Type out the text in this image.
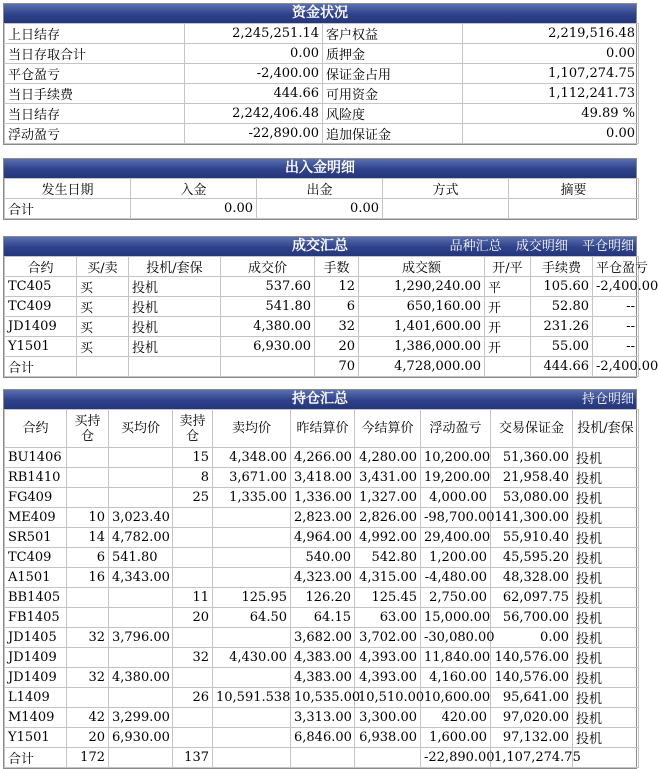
资金状况
上日结存	2,245,251.14	客户权益	2,219,516.48
当日存取合计	0.00	质押金	0.00
平仓盈亏	-2,400.00	保证金占用	1,107,274.75
当日手续费	444.66	可用资金	1,112,241.73
当日结存	2,242,406.48	风险度	49.89 %
浮动盈亏	-22,890.00	追加保证金	0.00
出入金明细
发生日期	入金	出金	方式	摘要
合计	0.00	0.00		
成交汇总	品种汇总 成交明细 平仓明细
合约	买/卖	投机/套保	成交价	手数	成交额	开/平	手续费	平仓盈亏
TC405	买	投机	537.60	12	1,290,240.00	平	105.60	-2,400.00
TC409	买	投机	541.80	6	650,160.00	开	52.80	--
JD1409	买	投机	4,380.00	32	1,401,600.00	开	231.26	--
Y1501	买	投机	6,930.00	20	1,386,000.00	开	55.00	--
合计				70	4,728,000.00		444.66	-2,400.00
持仓汇总	持仓明细
合约	买持仓	买均价	卖持仓	卖均价	昨结算价	今结算价	浮动盈亏	交易保证金	投机/套保
BU1406			15	4,348.00	4,266.00	4,280.00	10,200.00	51,360.00	投机
RB1410			8	3,671.00	3,418.00	3,431.00	19,200.00	21,958.40	投机
FG409			25	1,335.00	1,336.00	1,327.00	4,000.00	53,080.00	投机
ME409	10	3,023.40			2,823.00	2,826.00	-98,700.00	141,300.00	投机
SR501	14	4,782.00			4,964.00	4,992.00	29,400.00	55,910.40	投机
TC409	6	541.80			540.00	542.80	1,200.00	45,595.20	投机
A1501	16	4,343.00			4,323.00	4,315.00	-4,480.00	48,328.00	投机
BB1405			11	125.95	126.20	125.45	2,750.00	62,097.75	投机
FB1405			20	64.50	64.15	63.00	15,000.00	56,700.00	投机
JD1405	32	3,796.00			3,682.00	3,702.00	-30,080.00	0.00	投机
JD1409			32	4,430.00	4,383.00	4,393.00	11,840.00	140,576.00	投机
JD1409	32	4,380.00			4,383.00	4,393.00	4,160.00	140,576.00	投机
L1409			26	10,591.538	10,535.00	10,510.00	10,600.00	95,641.00	投机
M1409	42	3,299.00			3,313.00	3,300.00	420.00	97,020.00	投机
Y1501	20	6,930.00			6,846.00	6,938.00	1,600.00	97,132.00	投机
合计	172		137				-22,890.00	1,107,274.75	
